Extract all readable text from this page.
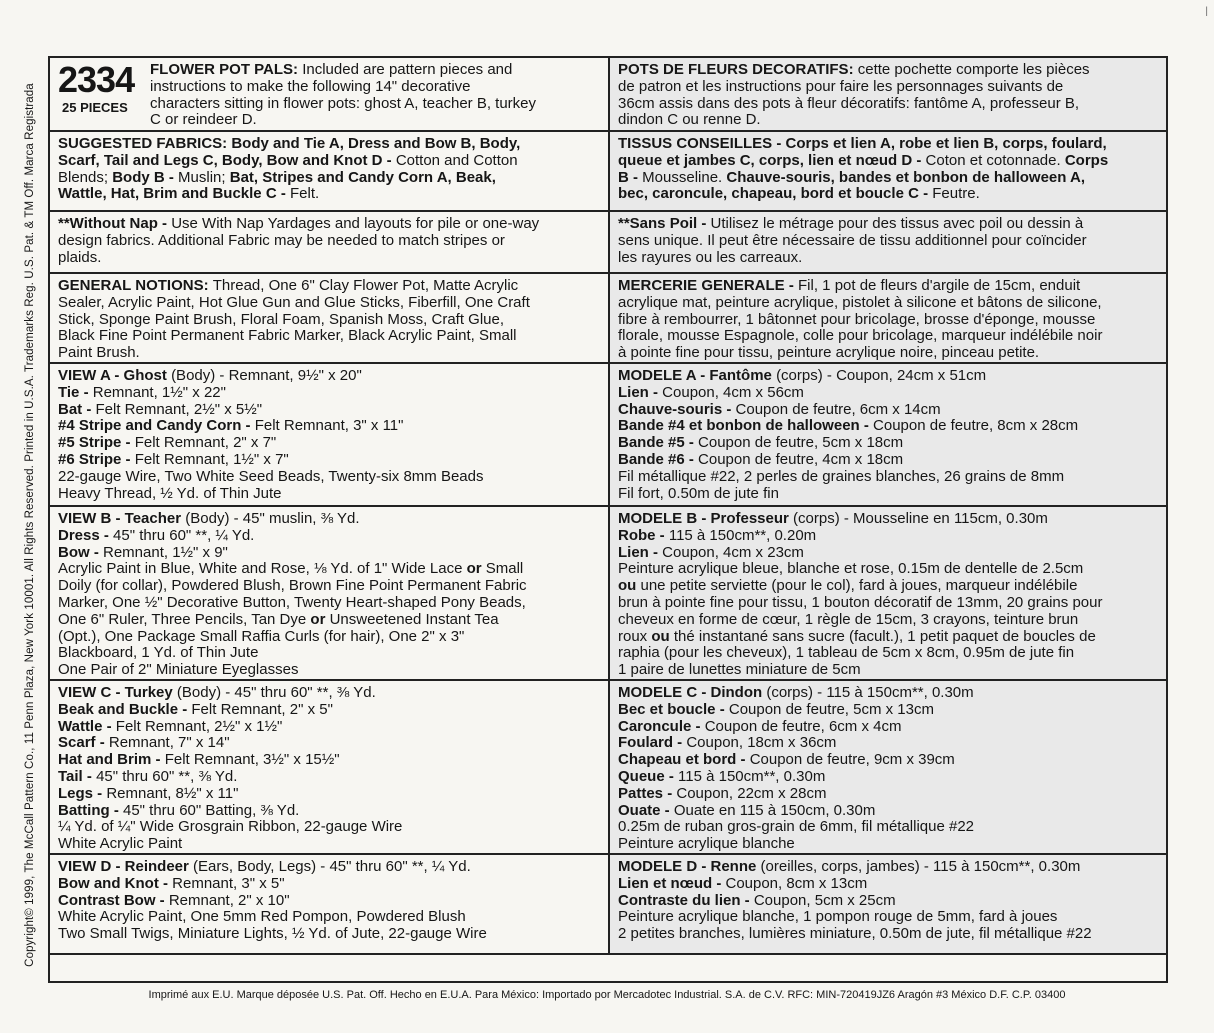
|
Copyright© 1999, The McCall Pattern Co., 11 Penn Plaza, New York 10001. All Rights Reserved. Printed in U.S.A. Trademarks Reg. U.S. Pat. & TM Off. Marca Registrada
2334
25 PIECES
FLOWER POT PALS: Included are pattern pieces and
instructions to make the following 14" decorative
characters sitting in flower pots: ghost A, teacher B, turkey
C or reindeer D.
SUGGESTED FABRICS: Body and Tie A, Dress and Bow B, Body,
Scarf, Tail and Legs C, Body, Bow and Knot D - Cotton and Cotton
Blends; Body B - Muslin; Bat, Stripes and Candy Corn A, Beak,
Wattle, Hat, Brim and Buckle C - Felt.
**Without Nap - Use With Nap Yardages and layouts for pile or one-way
design fabrics. Additional Fabric may be needed to match stripes or
plaids.
GENERAL NOTIONS: Thread, One 6" Clay Flower Pot, Matte Acrylic
Sealer, Acrylic Paint, Hot Glue Gun and Glue Sticks, Fiberfill, One Craft
Stick, Sponge Paint Brush, Floral Foam, Spanish Moss, Craft Glue,
Black Fine Point Permanent Fabric Marker, Black Acrylic Paint, Small
Paint Brush.
VIEW A - Ghost (Body) - Remnant, 9½" x 20"
Tie - Remnant, 1½" x 22"
Bat - Felt Remnant, 2½" x 5½"
#4 Stripe and Candy Corn - Felt Remnant, 3" x 11"
#5 Stripe - Felt Remnant, 2" x 7"
#6 Stripe - Felt Remnant, 1½" x 7"
22-gauge Wire, Two White Seed Beads, Twenty-six 8mm Beads
Heavy Thread, ½ Yd. of Thin Jute
VIEW B - Teacher (Body) - 45" muslin, ⅜ Yd.
Dress - 45" thru 60" **, ¼ Yd.
Bow - Remnant, 1½" x 9"
Acrylic Paint in Blue, White and Rose, ⅛ Yd. of 1" Wide Lace or Small
Doily (for collar), Powdered Blush, Brown Fine Point Permanent Fabric
Marker, One ½" Decorative Button, Twenty Heart-shaped Pony Beads,
One 6" Ruler, Three Pencils, Tan Dye or Unsweetened Instant Tea
(Opt.), One Package Small Raffia Curls (for hair), One 2" x 3"
Blackboard, 1 Yd. of Thin Jute
One Pair of 2" Miniature Eyeglasses
VIEW C - Turkey (Body) - 45" thru 60" **, ⅜ Yd.
Beak and Buckle - Felt Remnant, 2" x 5"
Wattle - Felt Remnant, 2½" x 1½"
Scarf - Remnant, 7" x 14"
Hat and Brim - Felt Remnant, 3½" x 15½"
Tail - 45" thru 60" **, ⅜ Yd.
Legs - Remnant, 8½" x 11"
Batting - 45" thru 60" Batting, ⅜ Yd.
¼ Yd. of ¼" Wide Grosgrain Ribbon, 22-gauge Wire
White Acrylic Paint
VIEW D - Reindeer (Ears, Body, Legs) - 45" thru 60" **, ¼ Yd.
Bow and Knot - Remnant, 3" x 5"
Contrast Bow - Remnant, 2" x 10"
White Acrylic Paint, One 5mm Red Pompon, Powdered Blush
Two Small Twigs, Miniature Lights, ½ Yd. of Jute, 22-gauge Wire
POTS DE FLEURS DECORATIFS: cette pochette comporte les pièces
de patron et les instructions pour faire les personnages suivants de
36cm assis dans des pots à fleur décoratifs: fantôme A, professeur B,
dindon C ou renne D.
TISSUS CONSEILLES - Corps et lien A, robe et lien B, corps, foulard,
queue et jambes C, corps, lien et nœud D - Coton et cotonnade. Corps
B - Mousseline. Chauve-souris, bandes et bonbon de halloween A,
bec, caroncule, chapeau, bord et boucle C - Feutre.
**Sans Poil - Utilisez le métrage pour des tissus avec poil ou dessin à
sens unique. Il peut être nécessaire de tissu additionnel pour coïncider
les rayures ou les carreaux.
MERCERIE GENERALE - Fil, 1 pot de fleurs d'argile de 15cm, enduit
acrylique mat, peinture acrylique, pistolet à silicone et bâtons de silicone,
fibre à rembourrer, 1 bâtonnet pour bricolage, brosse d'éponge, mousse
florale, mousse Espagnole, colle pour bricolage, marqueur indélébile noir
à pointe fine pour tissu, peinture acrylique noire, pinceau petite.
MODELE A - Fantôme (corps) - Coupon, 24cm x 51cm
Lien - Coupon, 4cm x 56cm
Chauve-souris - Coupon de feutre, 6cm x 14cm
Bande #4 et bonbon de halloween - Coupon de feutre, 8cm x 28cm
Bande #5 - Coupon de feutre, 5cm x 18cm
Bande #6 - Coupon de feutre, 4cm x 18cm
Fil métallique #22, 2 perles de graines blanches, 26 grains de 8mm
Fil fort, 0.50m de jute fin
MODELE B - Professeur (corps) - Mousseline en 115cm, 0.30m
Robe - 115 à 150cm**, 0.20m
Lien - Coupon, 4cm x 23cm
Peinture acrylique bleue, blanche et rose, 0.15m de dentelle de 2.5cm
ou une petite serviette (pour le col), fard à joues, marqueur indélébile
brun à pointe fine pour tissu, 1 bouton décoratif de 13mm, 20 grains pour
cheveux en forme de cœur, 1 règle de 15cm, 3 crayons, teinture brun
roux ou thé instantané sans sucre (facult.), 1 petit paquet de boucles de
raphia (pour les cheveux), 1 tableau de 5cm x 8cm, 0.95m de jute fin
1 paire de lunettes miniature de 5cm
MODELE C - Dindon (corps) - 115 à 150cm**, 0.30m
Bec et boucle - Coupon de feutre, 5cm x 13cm
Caroncule - Coupon de feutre, 6cm x 4cm
Foulard - Coupon, 18cm x 36cm
Chapeau et bord - Coupon de feutre, 9cm x 39cm
Queue - 115 à 150cm**, 0.30m
Pattes - Coupon, 22cm x 28cm
Ouate - Ouate en 115 à 150cm, 0.30m
0.25m de ruban gros-grain de 6mm, fil métallique #22
Peinture acrylique blanche
MODELE D - Renne (oreilles, corps, jambes) - 115 à 150cm**, 0.30m
Lien et nœud - Coupon, 8cm x 13cm
Contraste du lien - Coupon, 5cm x 25cm
Peinture acrylique blanche, 1 pompon rouge de 5mm, fard à joues
2 petites branches, lumières miniature, 0.50m de jute, fil métallique #22
Imprimé aux E.U. Marque déposée U.S. Pat. Off. Hecho en E.U.A. Para México: Importado por Mercadotec Industrial. S.A. de C.V. RFC: MIN-720419JZ6 Aragón #3 México D.F. C.P. 03400
